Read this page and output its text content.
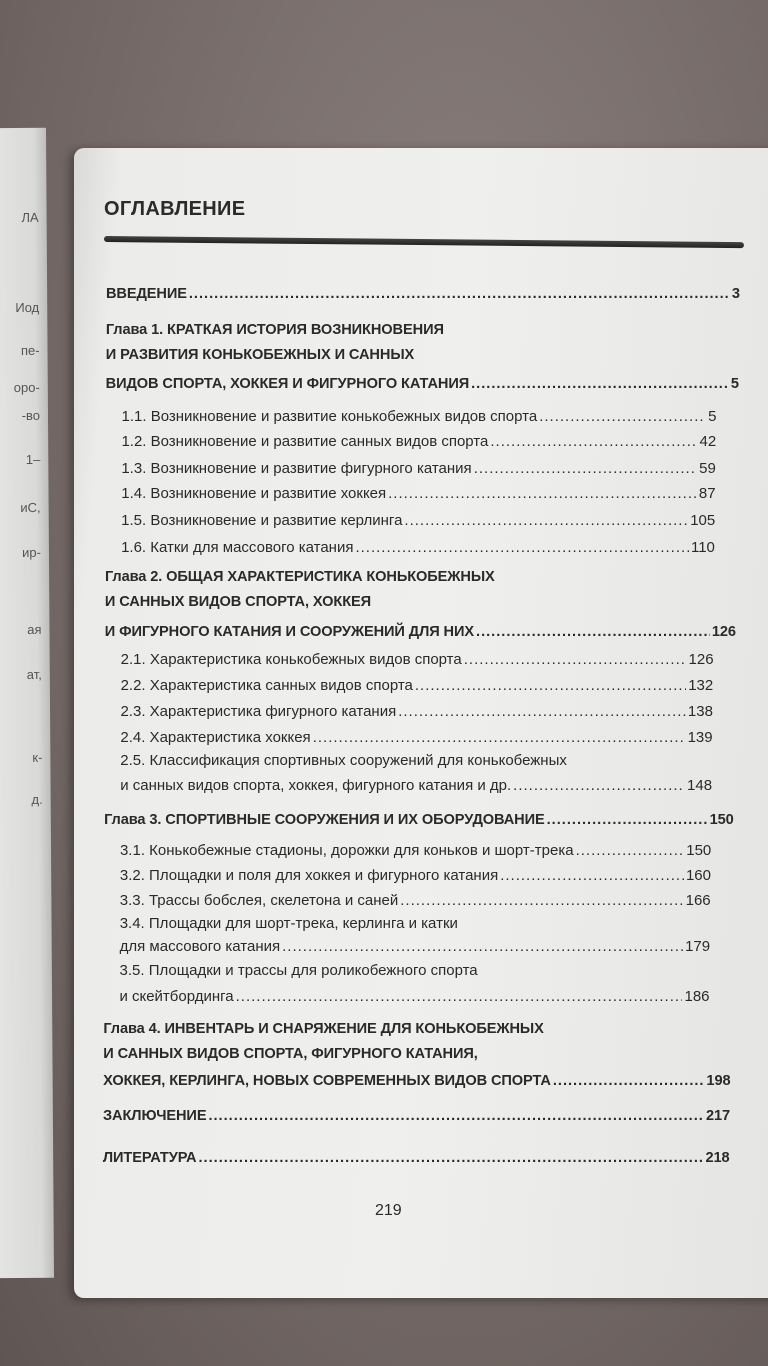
ЛА
Иод
пе-
оро-
-во
1–
иС,
ир-
ая
ат,
к-
д.
ОГЛАВЛЕНИЕ
ВВЕДЕНИЕ .....	3
Глава 1. КРАТКАЯ ИСТОРИЯ ВОЗНИКНОВЕНИЯ
И РАЗВИТИЯ КОНЬКОБЕЖНЫХ И САННЫХ
ВИДОВ СПОРТА, ХОККЕЯ И ФИГУРНОГО КАТАНИЯ .....	5
1.1. Возникновение и развитие конькобежных видов спорта .....	5
1.2. Возникновение и развитие санных видов спорта .....	42
1.3. Возникновение и развитие фигурного катания .....	59
1.4. Возникновение и развитие хоккея .....	87
1.5. Возникновение и развитие керлинга .....	105
1.6. Катки для массового катания .....	110
Глава 2. ОБЩАЯ ХАРАКТЕРИСТИКА КОНЬКОБЕЖНЫХ
И САННЫХ ВИДОВ СПОРТА, ХОККЕЯ
И ФИГУРНОГО КАТАНИЯ И СООРУЖЕНИЙ ДЛЯ НИХ .....	126
2.1. Характеристика конькобежных видов спорта .....	126
2.2. Характеристика санных видов спорта .....	132
2.3. Характеристика фигурного катания .....	138
2.4. Характеристика хоккея .....	139
2.5. Классификация спортивных сооружений для конькобежных
и санных видов спорта, хоккея, фигурного катания и др. .....	148
Глава 3. СПОРТИВНЫЕ СООРУЖЕНИЯ И ИХ ОБОРУДОВАНИЕ .....	150
3.1. Конькобежные стадионы, дорожки для коньков и шорт-трека .....	150
3.2. Площадки и поля для хоккея и фигурного катания .....	160
3.3. Трассы бобслея, скелетона и саней .....	166
3.4. Площадки для шорт-трека, керлинга и катки
для массового катания .....	179
3.5. Площадки и трассы для роликобежного спорта
и скейтбординга .....	186
Глава 4. ИНВЕНТАРЬ И СНАРЯЖЕНИЕ ДЛЯ КОНЬКОБЕЖНЫХ
И САННЫХ ВИДОВ СПОРТА, ФИГУРНОГО КАТАНИЯ,
ХОККЕЯ, КЕРЛИНГА, НОВЫХ СОВРЕМЕННЫХ ВИДОВ СПОРТА .....	198
ЗАКЛЮЧЕНИЕ .....	217
ЛИТЕРАТУРА .....	218
219
